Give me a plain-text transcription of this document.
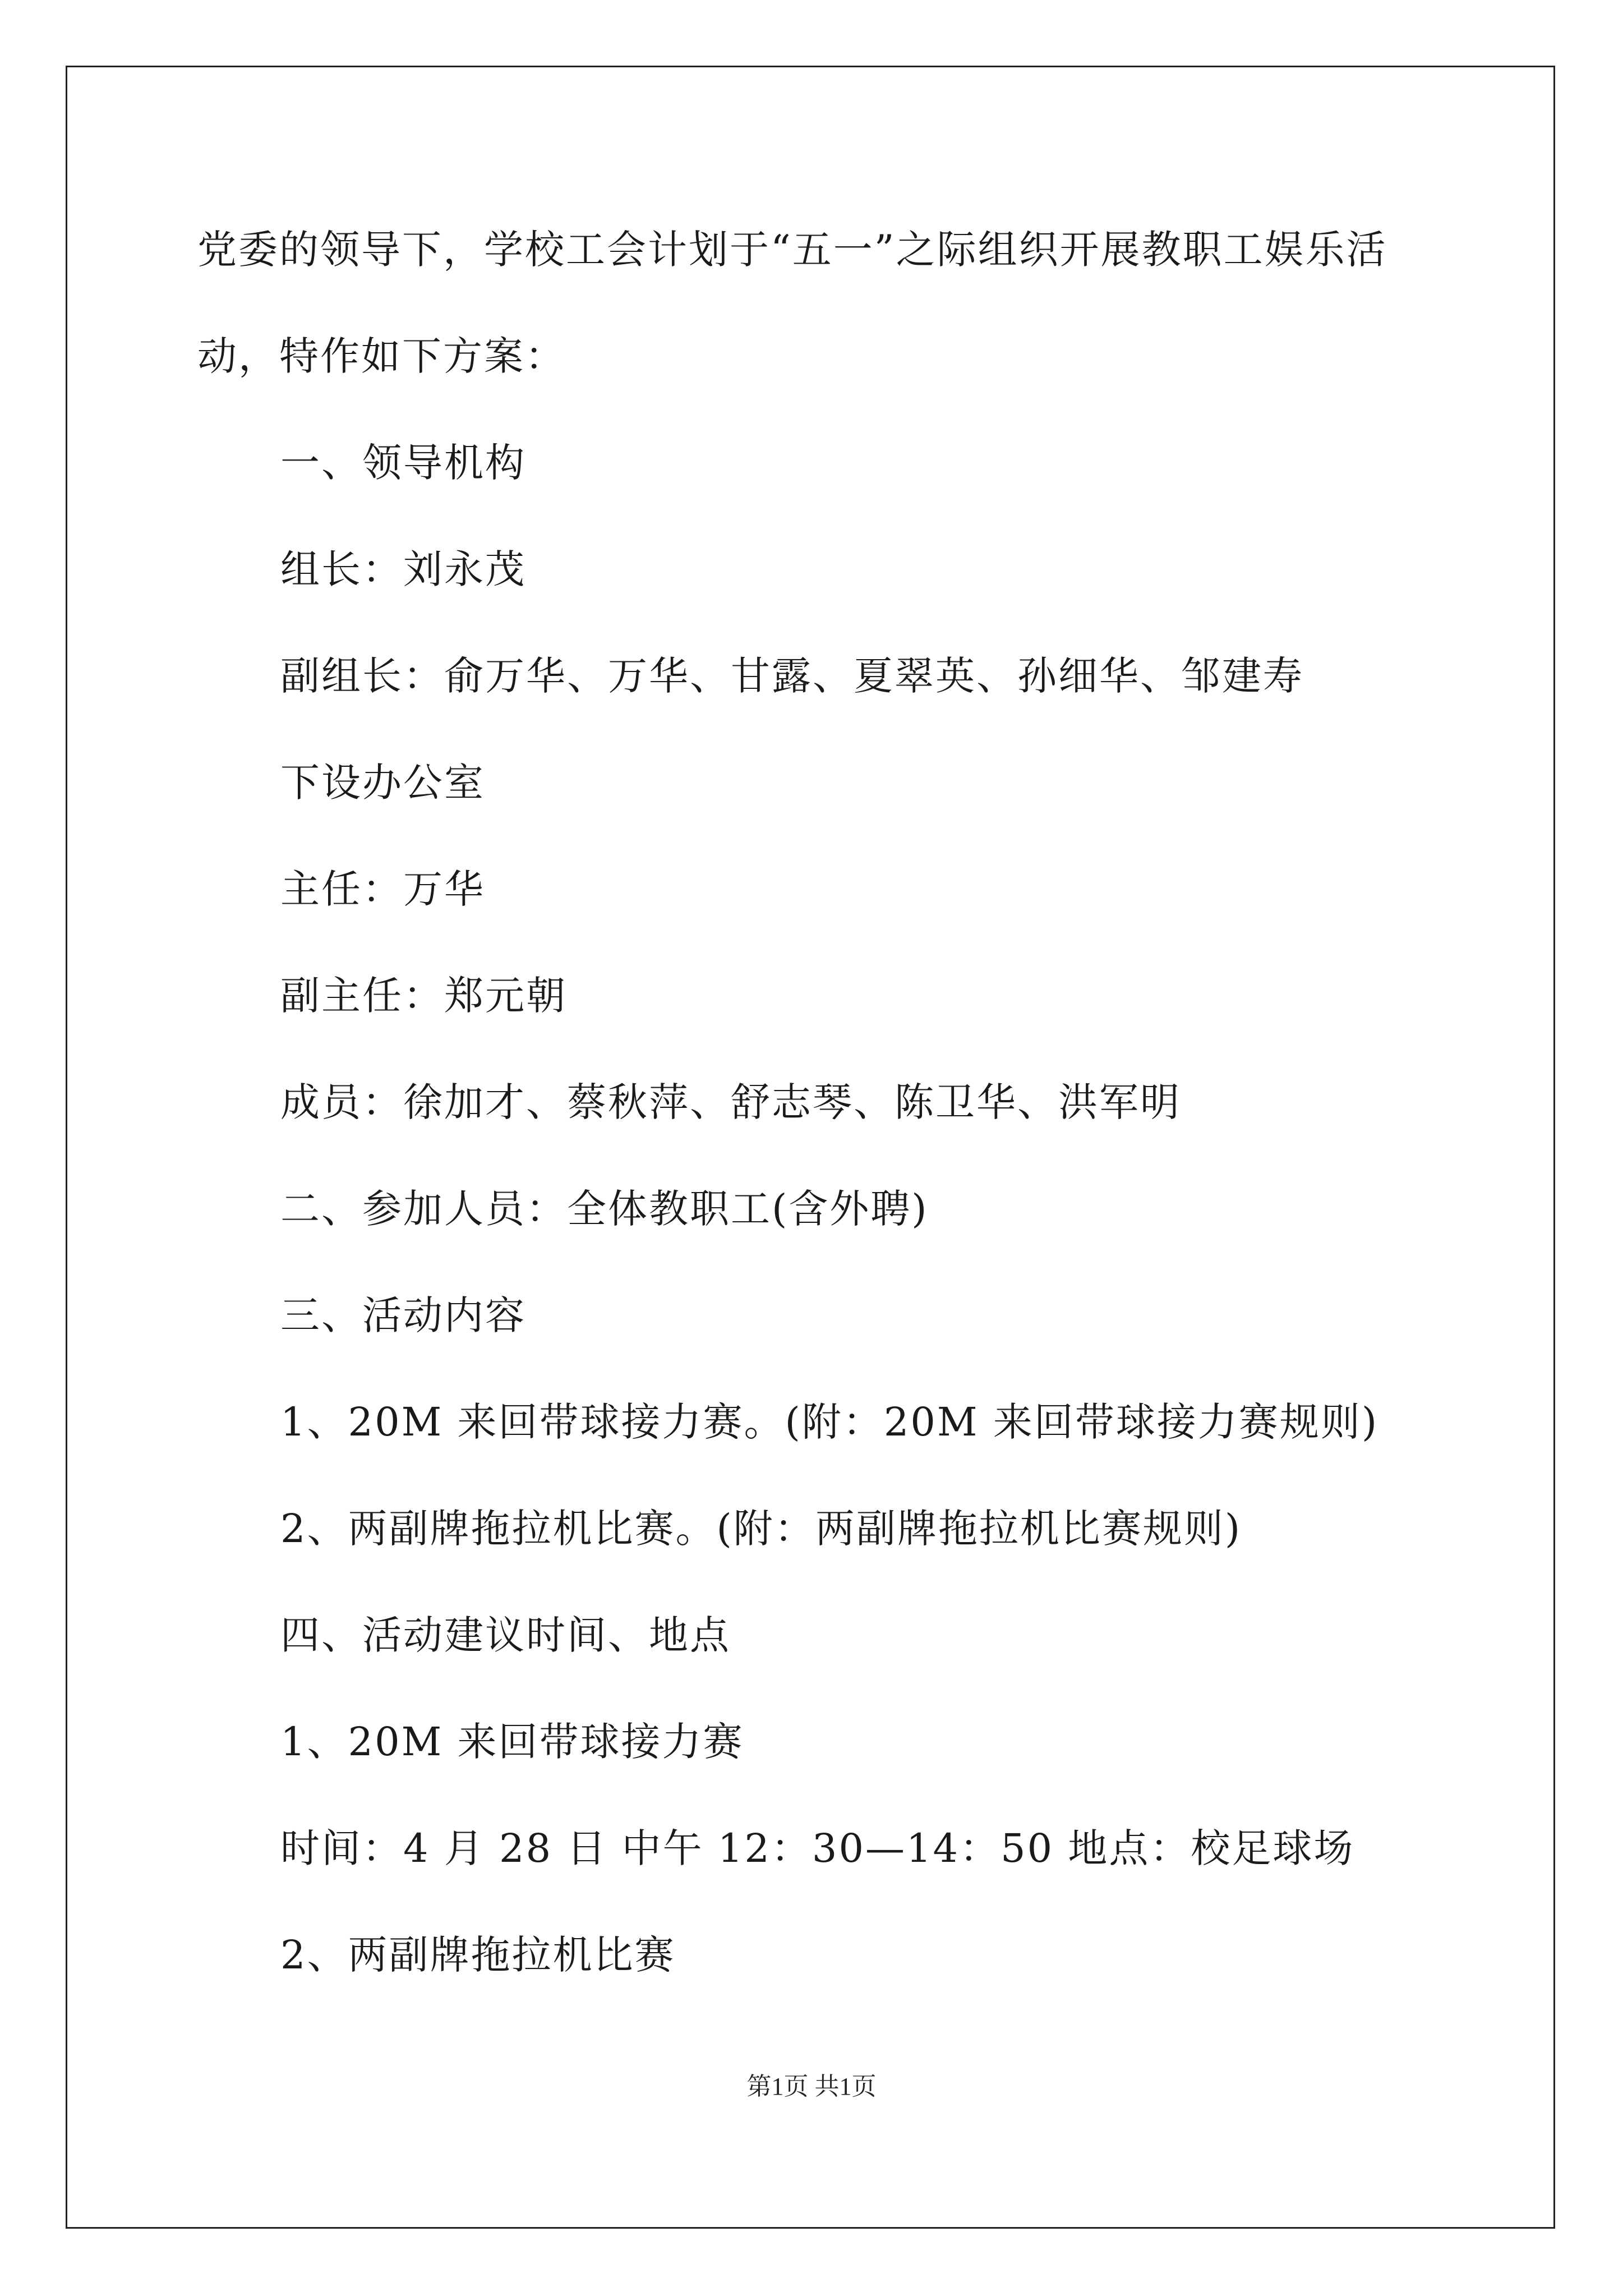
党委的领导下，学校工会计划于“五一”之际组织开展教职工娱乐活
动，特作如下方案：
一、领导机构
组长：刘永茂
副组长：俞万华、万华、甘露、夏翠英、孙细华、邹建寿
下设办公室
主任：万华
副主任：郑元朝
成员：徐加才、蔡秋萍、舒志琴、陈卫华、洪军明
二、参加人员：全体教职工(含外聘)
三、活动内容
1、20M 来回带球接力赛。(附：20M 来回带球接力赛规则)
2、两副牌拖拉机比赛。(附：两副牌拖拉机比赛规则)
四、活动建议时间、地点
1、20M 来回带球接力赛
时间：4 月 28 日 中午 12：30—14：50 地点：校足球场
2、两副牌拖拉机比赛
第1页 共1页
